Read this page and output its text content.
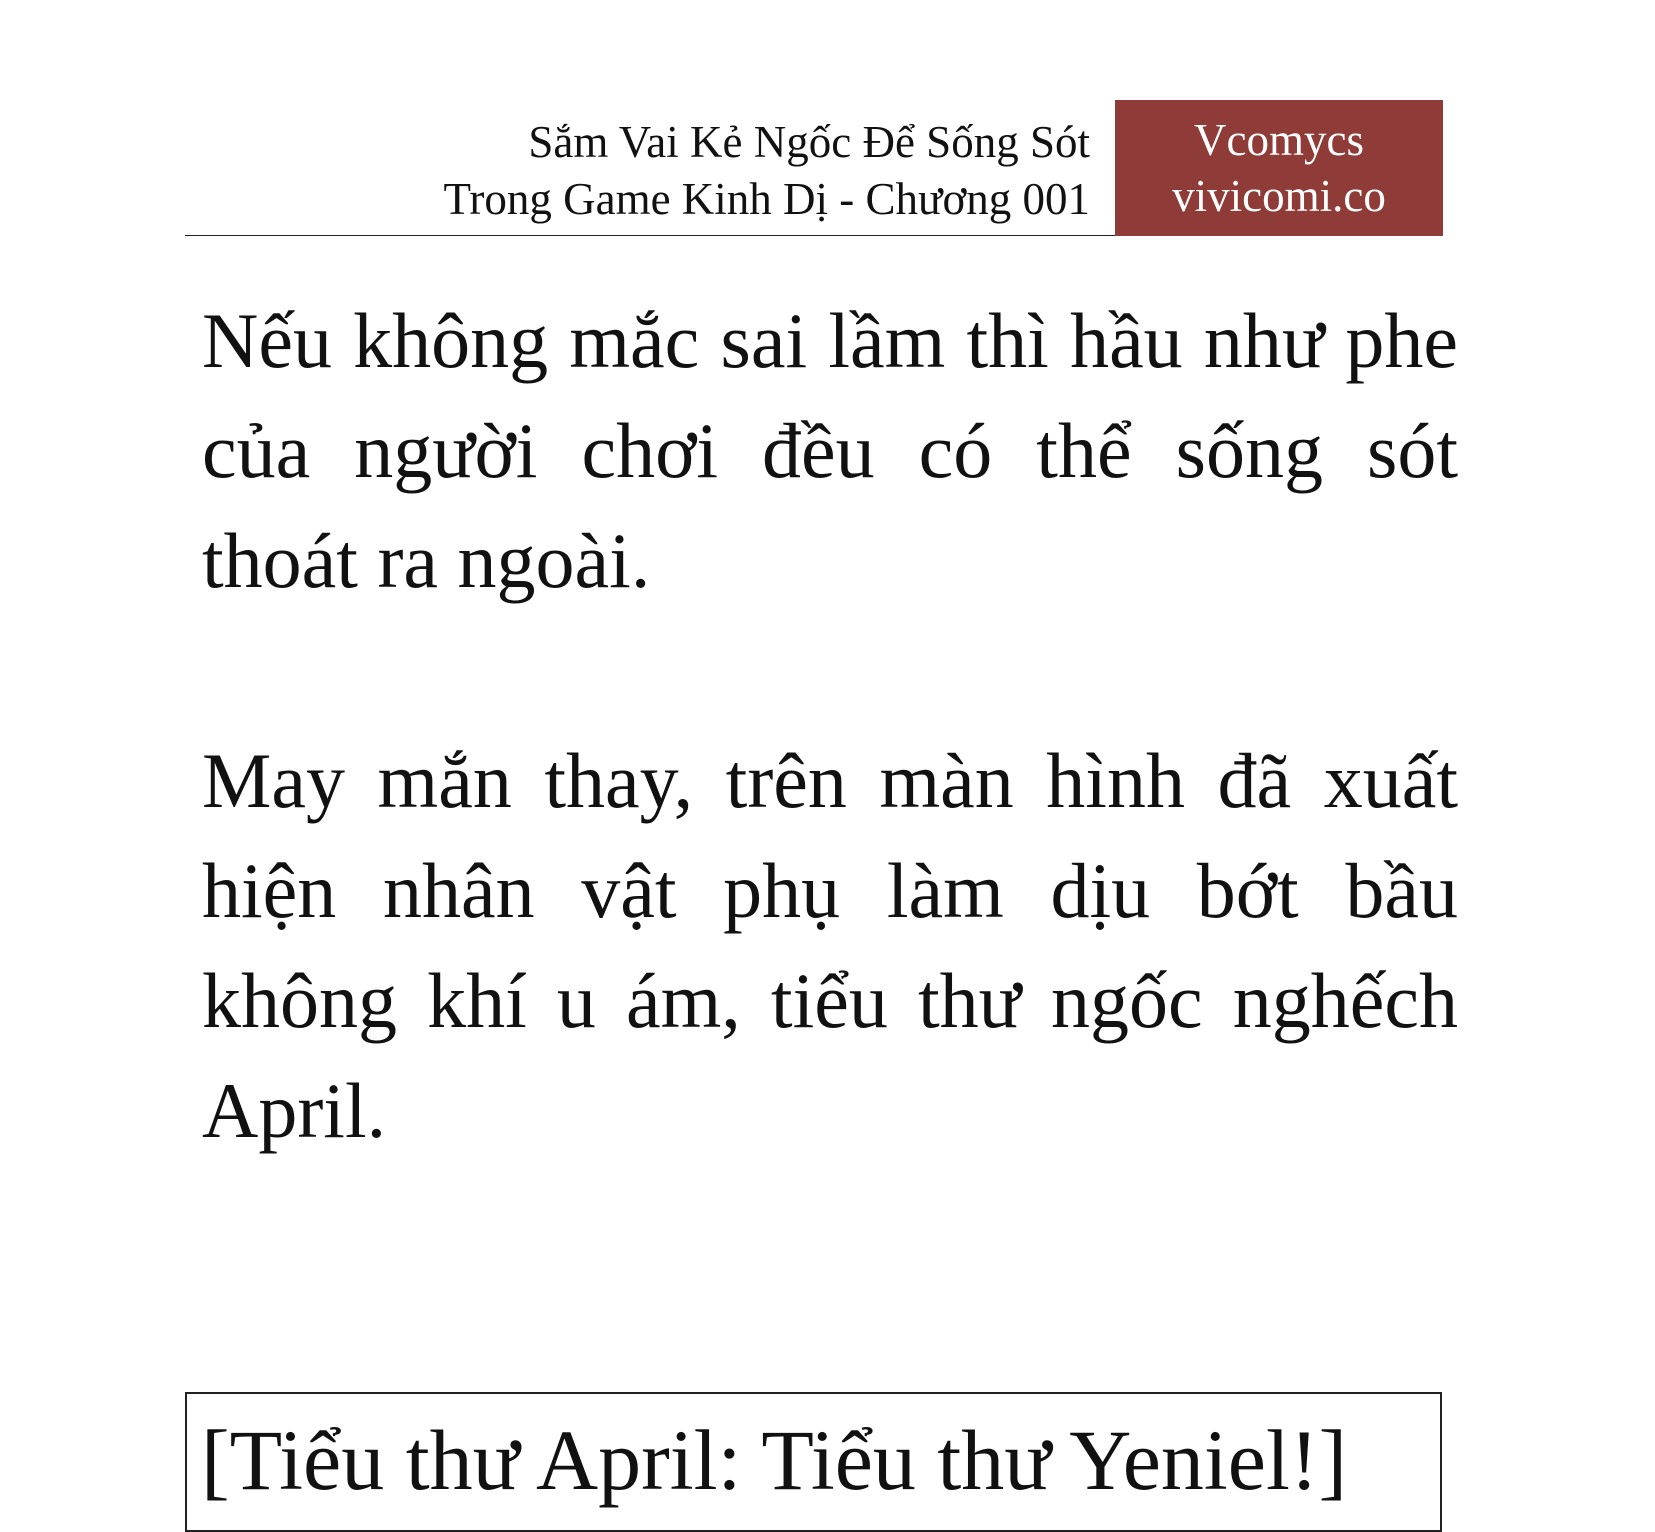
Sắm Vai Kẻ Ngốc Để Sống Sót
Trong Game Kinh Dị - Chương 001
Vcomycs
vivicomi.co

Nếu không mắc sai lầm thì hầu như phe của người chơi đều có thể sống sót thoát ra ngoài.

May mắn thay, trên màn hình đã xuất hiện nhân vật phụ làm dịu bớt bầu không khí u ám, tiểu thư ngốc nghếch April.

[Tiểu thư April: Tiểu thư Yeniel!]
